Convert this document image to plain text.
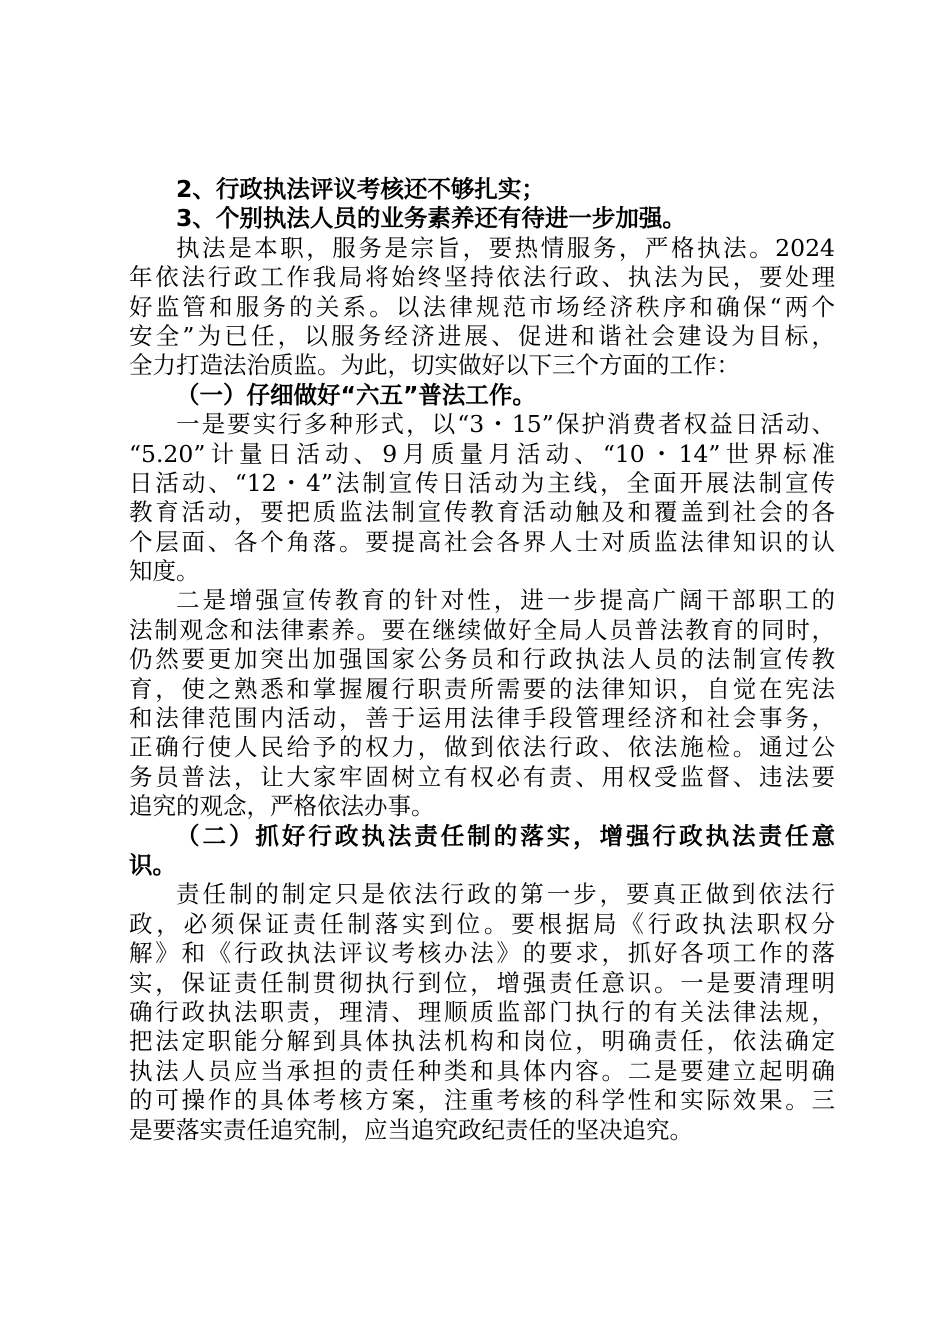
2、行政执法评议考核还不够扎实；
3、个别执法人员的业务素养还有待进一步加强。
执法是本职，服务是宗旨，要热情服务，严格执法。2024
年依法行政工作我局将始终坚持依法行政、执法为民，要处理
好监管和服务的关系。以法律规范市场经济秩序和确保“两个
安全”为已任，以服务经济进展、促进和谐社会建设为目标，
全力打造法治质监。为此，切实做好以下三个方面的工作：
（一）仔细做好“六五”普法工作。
一是要实行多种形式，以“3・15”保护消费者权益日活动、
“5.20”计量日活动、9月质量月活动、“10・14”世界标准
日活动、“12・4”法制宣传日活动为主线，全面开展法制宣传
教育活动，要把质监法制宣传教育活动触及和覆盖到社会的各
个层面、各个角落。要提高社会各界人士对质监法律知识的认
知度。
二是增强宣传教育的针对性，进一步提高广阔干部职工的
法制观念和法律素养。要在继续做好全局人员普法教育的同时，
仍然要更加突出加强国家公务员和行政执法人员的法制宣传教
育，使之熟悉和掌握履行职责所需要的法律知识，自觉在宪法
和法律范围内活动，善于运用法律手段管理经济和社会事务，
正确行使人民给予的权力，做到依法行政、依法施检。通过公
务员普法，让大家牢固树立有权必有责、用权受监督、违法要
追究的观念，严格依法办事。
（二）抓好行政执法责任制的落实，增强行政执法责任意
识。
责任制的制定只是依法行政的第一步，要真正做到依法行
政，必须保证责任制落实到位。要根据局《行政执法职权分
解》和《行政执法评议考核办法》的要求，抓好各项工作的落
实，保证责任制贯彻执行到位，增强责任意识。一是要清理明
确行政执法职责，理清、理顺质监部门执行的有关法律法规，
把法定职能分解到具体执法机构和岗位，明确责任，依法确定
执法人员应当承担的责任种类和具体内容。二是要建立起明确
的可操作的具体考核方案，注重考核的科学性和实际效果。三
是要落实责任追究制，应当追究政纪责任的坚决追究。
